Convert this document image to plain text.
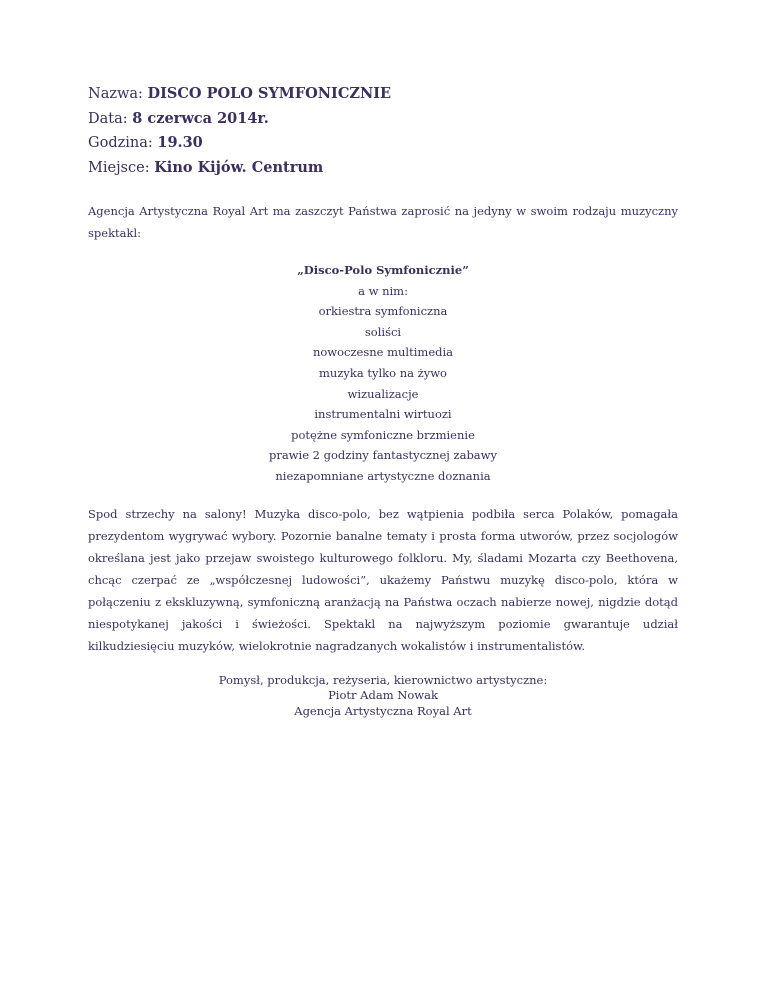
Nazwa: DISCO POLO SYMFONICZNIE

Data: 8 czerwca 2014r.

Godzina: 19.30

Miejsce: Kino Kijów. Centrum

Agencja Artystyczna Royal Art ma zaszczyt Państwa zaprosić na jedyny w swoim rodzaju muzyczny spektakl:

„Disco-Polo Symfonicznie”
a w nim:
orkiestra symfoniczna
soliści
nowoczesne multimedia
muzyka tylko na żywo
wizualizacje
instrumentalni wirtuozi
potężne symfoniczne brzmienie
prawie 2 godziny fantastycznej zabawy
niezapomniane artystyczne doznania

Spod strzechy na salony! Muzyka disco-polo, bez wątpienia podbiła serca Polaków, pomagała prezydentom wygrywać wybory. Pozornie banalne tematy i prosta forma utworów, przez socjologów określana jest jako przejaw swoistego kulturowego folkloru. My, śladami Mozarta czy Beethovena, chcąc czerpać ze „współczesnej ludowości”, ukażemy Państwu muzykę disco-polo, która w połączeniu z ekskluzywną, symfoniczną aranżacją na Państwa oczach nabierze nowej, nigdzie dotąd niespotykanej jakości i świeżości. Spektakl na najwyższym poziomie gwarantuje udział kilkudziesięciu muzyków, wielokrotnie nagradzanych wokalistów i instrumentalistów.

Pomysł, produkcja, reżyseria, kierownictwo artystyczne:
Piotr Adam Nowak
Agencja Artystyczna Royal Art
